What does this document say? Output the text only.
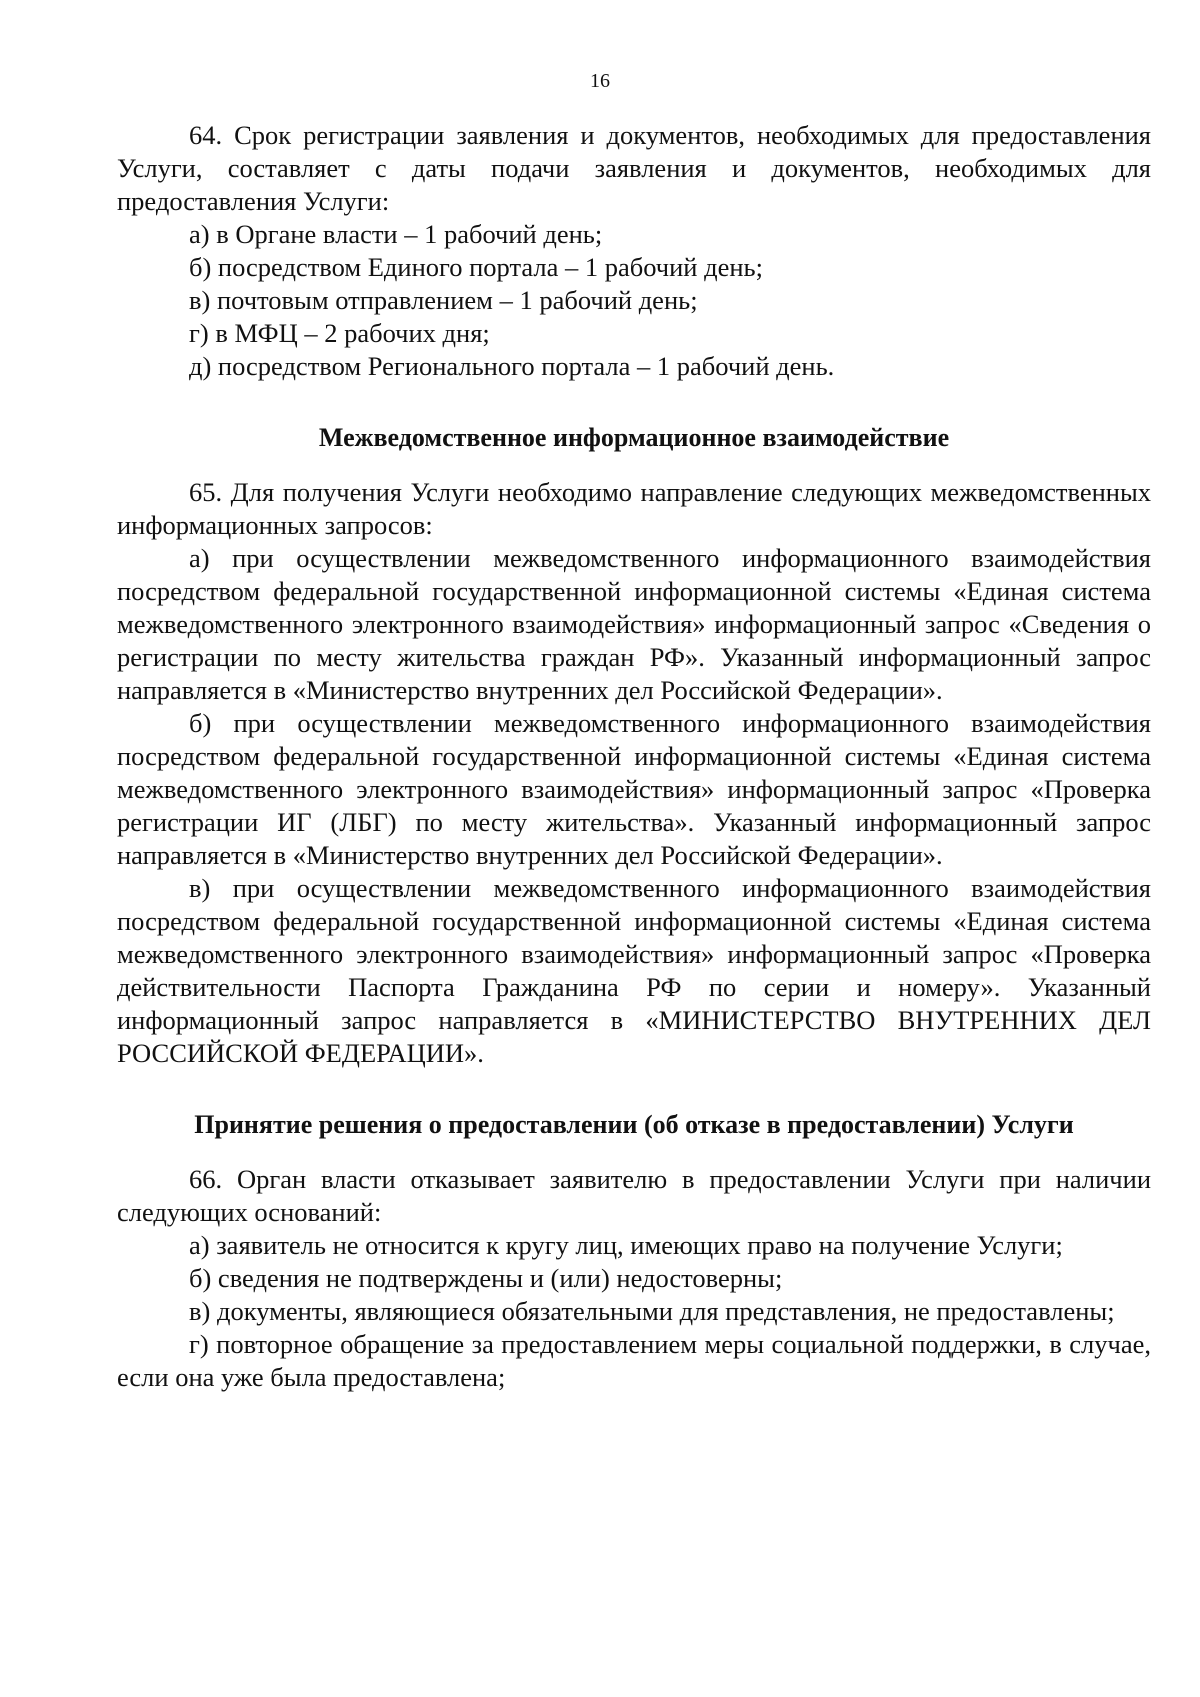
16

64. Срок регистрации заявления и документов, необходимых для предоставления Услуги, составляет с даты подачи заявления и документов, необходимых для предоставления Услуги:

а) в Органе власти – 1 рабочий день;

б) посредством Единого портала – 1 рабочий день;

в) почтовым отправлением – 1 рабочий день;

г) в МФЦ – 2 рабочих дня;

д) посредством Регионального портала – 1 рабочий день.

Межведомственное информационное взаимодействие

65. Для получения Услуги необходимо направление следующих межведомственных информационных запросов:

а) при осуществлении межведомственного информационного взаимодействия посредством федеральной государственной информационной системы «Единая система межведомственного электронного взаимодействия» информационный запрос «Сведения о регистрации по месту жительства граждан РФ». Указанный информационный запрос направляется в «Министерство внутренних дел Российской Федерации».

б) при осуществлении межведомственного информационного взаимодействия посредством федеральной государственной информационной системы «Единая система межведомственного электронного взаимодействия» информационный запрос «Проверка регистрации ИГ (ЛБГ) по месту жительства». Указанный информационный запрос направляется в «Министерство внутренних дел Российской Федерации».

в) при осуществлении межведомственного информационного взаимодействия посредством федеральной государственной информационной системы «Единая система межведомственного электронного взаимодействия» информационный запрос «Проверка действительности Паспорта Гражданина РФ по серии и номеру». Указанный информационный запрос направляется в «МИНИСТЕРСТВО ВНУТРЕННИХ ДЕЛ РОССИЙСКОЙ ФЕДЕРАЦИИ».

Принятие решения о предоставлении (об отказе в предоставлении) Услуги

66. Орган власти отказывает заявителю в предоставлении Услуги при наличии следующих оснований:

а) заявитель не относится к кругу лиц, имеющих право на получение Услуги;

б) сведения не подтверждены и (или) недостоверны;

в) документы, являющиеся обязательными для представления, не предоставлены;

г) повторное обращение за предоставлением меры социальной поддержки, в случае, если она уже была предоставлена;
